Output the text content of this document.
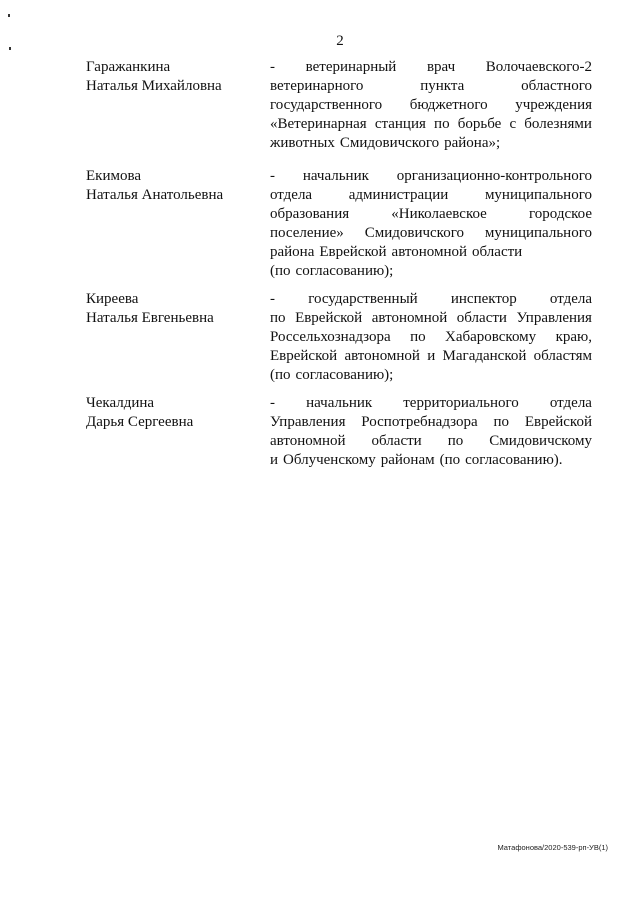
2
Гаражанкина
Наталья Михайловна
- ветеринарный врач Волочаевского-2
ветеринарного	пункта	областного
государственного бюджетного учреждения
«Ветеринарная станция по борьбе с болезнями
животных Смидовичского района»;
Екимова
Наталья Анатольевна
- начальник организационно-контрольного
отдела администрации муниципального
образования	«Николаевское	городское
поселение» Смидовичского муниципального
района Еврейской автономной области
(по согласованию);
Киреева
Наталья Евгеньевна
- государственный инспектор отдела
по Еврейской автономной области Управления
Россельхознадзора по Хабаровскому краю,
Еврейской автономной и Магаданской областям
(по согласованию);
Чекалдина
Дарья Сергеевна
- начальник территориального отдела
Управления Роспотребнадзора по Еврейской
автономной области по Смидовичскому
и Облученскому районам (по согласованию).
Матафонова/2020-539-рп-УВ(1)
